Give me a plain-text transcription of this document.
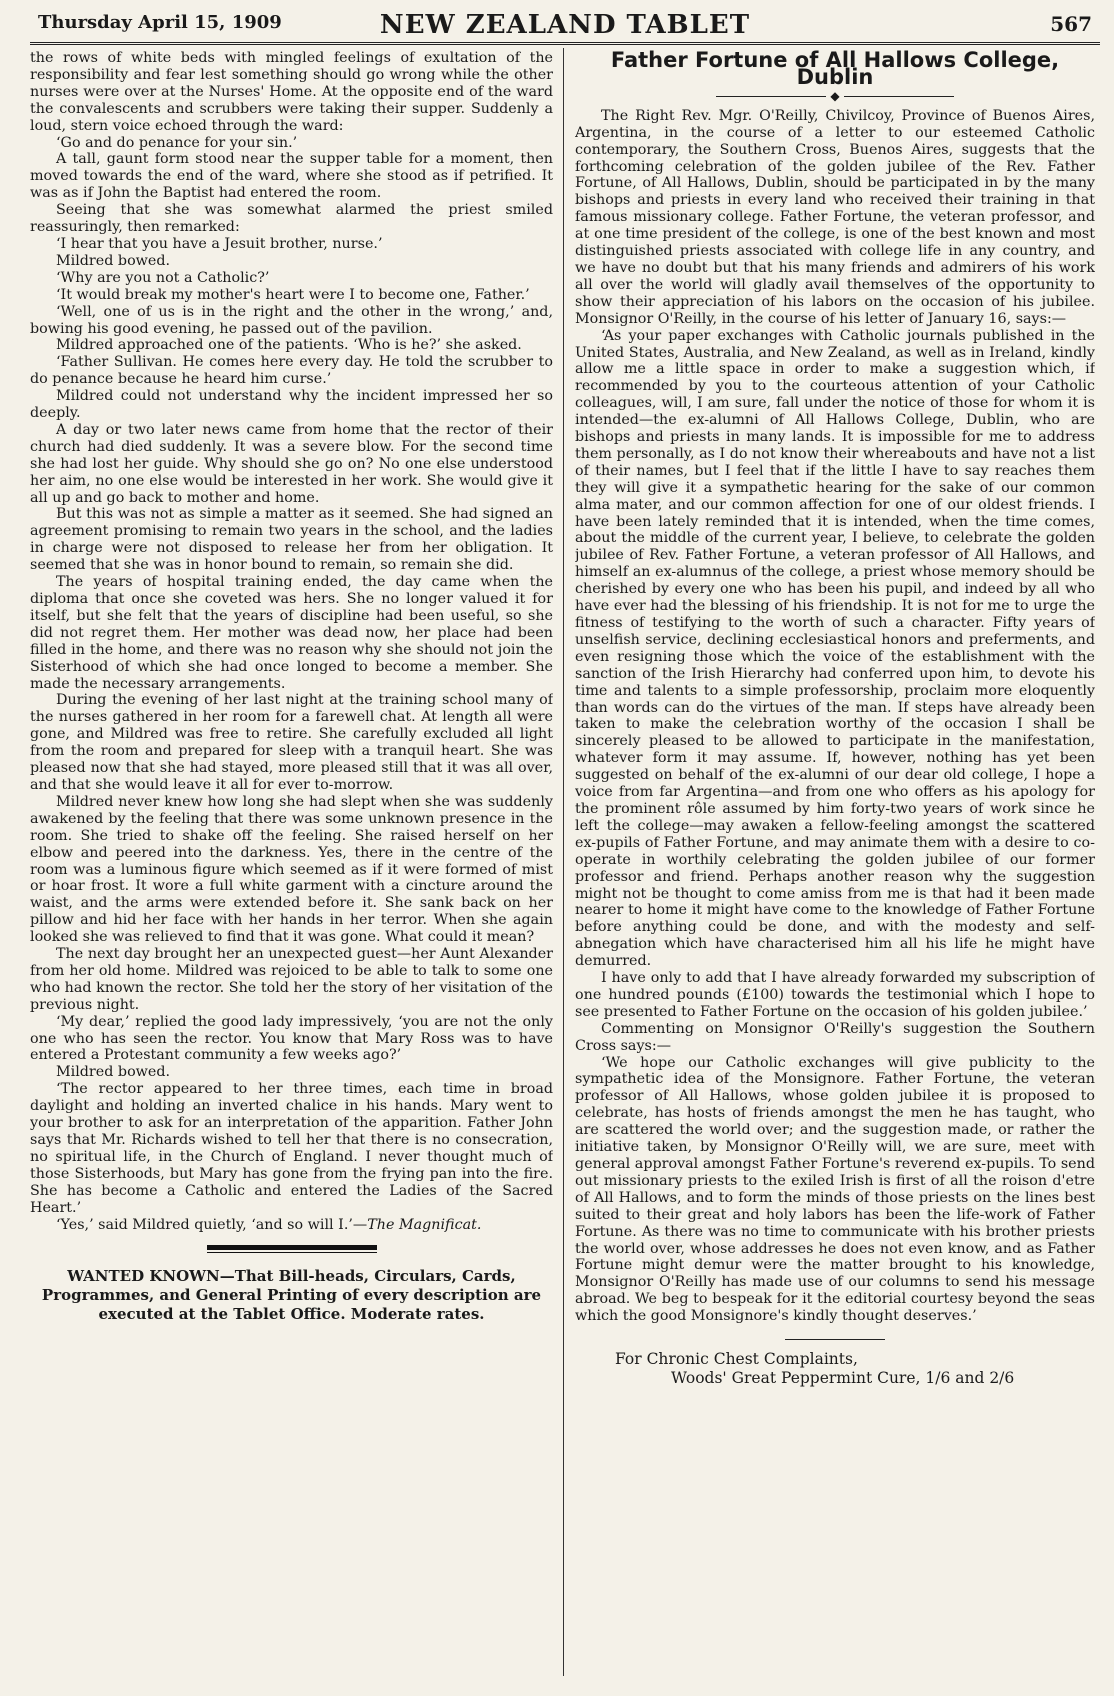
Thursday April 15, 1909	NEW ZEALAND TABLET	567

the rows of white beds with mingled feelings of exultation of the responsibility and fear lest something should go wrong while the other nurses were over at the Nurses' Home. At the opposite end of the ward the convalescents and scrubbers were taking their supper. Suddenly a loud, stern voice echoed through the ward:

‘Go and do penance for your sin.’

A tall, gaunt form stood near the supper table for a moment, then moved towards the end of the ward, where she stood as if petrified. It was as if John the Baptist had entered the room.

Seeing that she was somewhat alarmed the priest smiled reassuringly, then remarked:

‘I hear that you have a Jesuit brother, nurse.’

Mildred bowed.

‘Why are you not a Catholic?’

‘It would break my mother's heart were I to become one, Father.’

‘Well, one of us is in the right and the other in the wrong,’ and, bowing his good evening, he passed out of the pavilion.

Mildred approached one of the patients. ‘Who is he?’ she asked.

‘Father Sullivan. He comes here every day. He told the scrubber to do penance because he heard him curse.’

Mildred could not understand why the incident impressed her so deeply.

A day or two later news came from home that the rector of their church had died suddenly. It was a severe blow. For the second time she had lost her guide. Why should she go on? No one else understood her aim, no one else would be interested in her work. She would give it all up and go back to mother and home.

But this was not as simple a matter as it seemed. She had signed an agreement promising to remain two years in the school, and the ladies in charge were not disposed to release her from her obligation. It seemed that she was in honor bound to remain, so remain she did.

The years of hospital training ended, the day came when the diploma that once she coveted was hers. She no longer valued it for itself, but she felt that the years of discipline had been useful, so she did not regret them. Her mother was dead now, her place had been filled in the home, and there was no reason why she should not join the Sisterhood of which she had once longed to become a member. She made the necessary arrangements.

During the evening of her last night at the training school many of the nurses gathered in her room for a farewell chat. At length all were gone, and Mildred was free to retire. She carefully excluded all light from the room and prepared for sleep with a tranquil heart. She was pleased now that she had stayed, more pleased still that it was all over, and that she would leave it all for ever to-morrow.

Mildred never knew how long she had slept when she was suddenly awakened by the feeling that there was some unknown presence in the room. She tried to shake off the feeling. She raised herself on her elbow and peered into the darkness. Yes, there in the centre of the room was a luminous figure which seemed as if it were formed of mist or hoar frost. It wore a full white garment with a cincture around the waist, and the arms were extended before it. She sank back on her pillow and hid her face with her hands in her terror. When she again looked she was relieved to find that it was gone. What could it mean?

The next day brought her an unexpected guest—her Aunt Alexander from her old home. Mildred was rejoiced to be able to talk to some one who had known the rector. She told her the story of her visitation of the previous night.

‘My dear,’ replied the good lady impressively, ‘you are not the only one who has seen the rector. You know that Mary Ross was to have entered a Protestant community a few weeks ago?’

Mildred bowed.

‘The rector appeared to her three times, each time in broad daylight and holding an inverted chalice in his hands. Mary went to your brother to ask for an interpretation of the apparition. Father John says that Mr. Richards wished to tell her that there is no consecration, no spiritual life, in the Church of England. I never thought much of those Sisterhoods, but Mary has gone from the frying pan into the fire. She has become a Catholic and entered the Ladies of the Sacred Heart.’

‘Yes,’ said Mildred quietly, ‘and so will I.’—The Magnificat.

WANTED KNOWN—That Bill-heads, Circulars, Cards, Programmes, and General Printing of every description are executed at the Tablet Office. Moderate rates.
Father Fortune of All Hallows College, Dublin
◆

The Right Rev. Mgr. O'Reilly, Chivilcoy, Province of Buenos Aires, Argentina, in the course of a letter to our esteemed Catholic contemporary, the Southern Cross, Buenos Aires, suggests that the forthcoming celebration of the golden jubilee of the Rev. Father Fortune, of All Hallows, Dublin, should be participated in by the many bishops and priests in every land who received their training in that famous missionary college. Father Fortune, the veteran professor, and at one time president of the college, is one of the best known and most distinguished priests associated with college life in any country, and we have no doubt but that his many friends and admirers of his work all over the world will gladly avail themselves of the opportunity to show their appreciation of his labors on the occasion of his jubilee. Monsignor O'Reilly, in the course of his letter of January 16, says:—

‘As your paper exchanges with Catholic journals published in the United States, Australia, and New Zealand, as well as in Ireland, kindly allow me a little space in order to make a suggestion which, if recommended by you to the courteous attention of your Catholic colleagues, will, I am sure, fall under the notice of those for whom it is intended—the ex-alumni of All Hallows College, Dublin, who are bishops and priests in many lands. It is impossible for me to address them personally, as I do not know their whereabouts and have not a list of their names, but I feel that if the little I have to say reaches them they will give it a sympathetic hearing for the sake of our common alma mater, and our common affection for one of our oldest friends. I have been lately reminded that it is intended, when the time comes, about the middle of the current year, I believe, to celebrate the golden jubilee of Rev. Father Fortune, a veteran professor of All Hallows, and himself an ex-alumnus of the college, a priest whose memory should be cherished by every one who has been his pupil, and indeed by all who have ever had the blessing of his friendship. It is not for me to urge the fitness of testifying to the worth of such a character. Fifty years of unselfish service, declining ecclesiastical honors and preferments, and even resigning those which the voice of the establishment with the sanction of the Irish Hierarchy had conferred upon him, to devote his time and talents to a simple professorship, proclaim more eloquently than words can do the virtues of the man. If steps have already been taken to make the celebration worthy of the occasion I shall be sincerely pleased to be allowed to participate in the manifestation, whatever form it may assume. If, however, nothing has yet been suggested on behalf of the ex-alumni of our dear old college, I hope a voice from far Argentina—and from one who offers as his apology for the prominent rôle assumed by him forty-two years of work since he left the college—may awaken a fellow-feeling amongst the scattered ex-pupils of Father Fortune, and may animate them with a desire to co-operate in worthily celebrating the golden jubilee of our former professor and friend. Perhaps another reason why the suggestion might not be thought to come amiss from me is that had it been made nearer to home it might have come to the knowledge of Father Fortune before anything could be done, and with the modesty and self-abnegation which have characterised him all his life he might have demurred.

I have only to add that I have already forwarded my subscription of one hundred pounds (£100) towards the testimonial which I hope to see presented to Father Fortune on the occasion of his golden jubilee.’

Commenting on Monsignor O'Reilly's suggestion the Southern Cross says:—

‘We hope our Catholic exchanges will give publicity to the sympathetic idea of the Monsignore. Father Fortune, the veteran professor of All Hallows, whose golden jubilee it is proposed to celebrate, has hosts of friends amongst the men he has taught, who are scattered the world over; and the suggestion made, or rather the initiative taken, by Monsignor O'Reilly will, we are sure, meet with general approval amongst Father Fortune's reverend ex-pupils. To send out missionary priests to the exiled Irish is first of all the roison d'etre of All Hallows, and to form the minds of those priests on the lines best suited to their great and holy labors has been the life-work of Father Fortune. As there was no time to communicate with his brother priests the world over, whose addresses he does not even know, and as Father Fortune might demur were the matter brought to his knowledge, Monsignor O'Reilly has made use of our columns to send his message abroad. We beg to bespeak for it the editorial courtesy beyond the seas which the good Monsignore's kindly thought deserves.’

For Chronic Chest Complaints,
Woods' Great Peppermint Cure, 1/6 and 2/6
